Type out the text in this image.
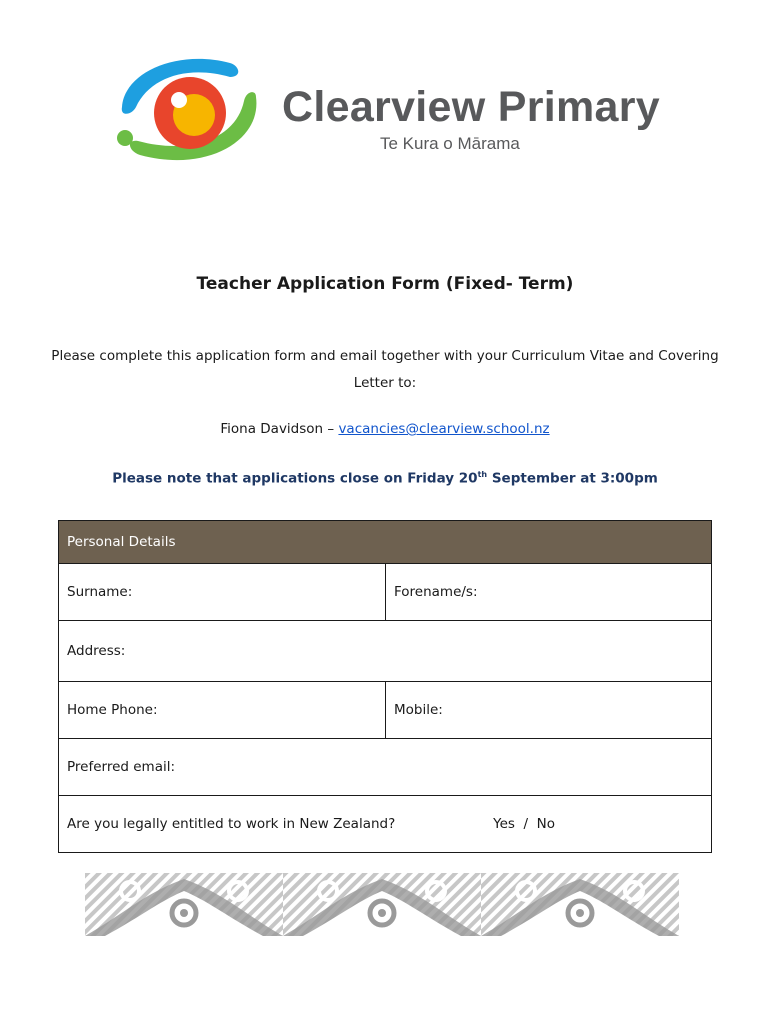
Clearview Primary
Te Kura o Mārama
Teacher Application Form (Fixed- Term)
Please complete this application form and email together with your Curriculum Vitae and Covering Letter to:
Fiona Davidson – vacancies@clearview.school.nz
Please note that applications close on Friday 20th September at 3:00pm
Personal Details
Surname:	Forename/s:
Address:
Home Phone:	Mobile:
Preferred email:
Are you legally entitled to work in New Zealand?	Yes  /  No
